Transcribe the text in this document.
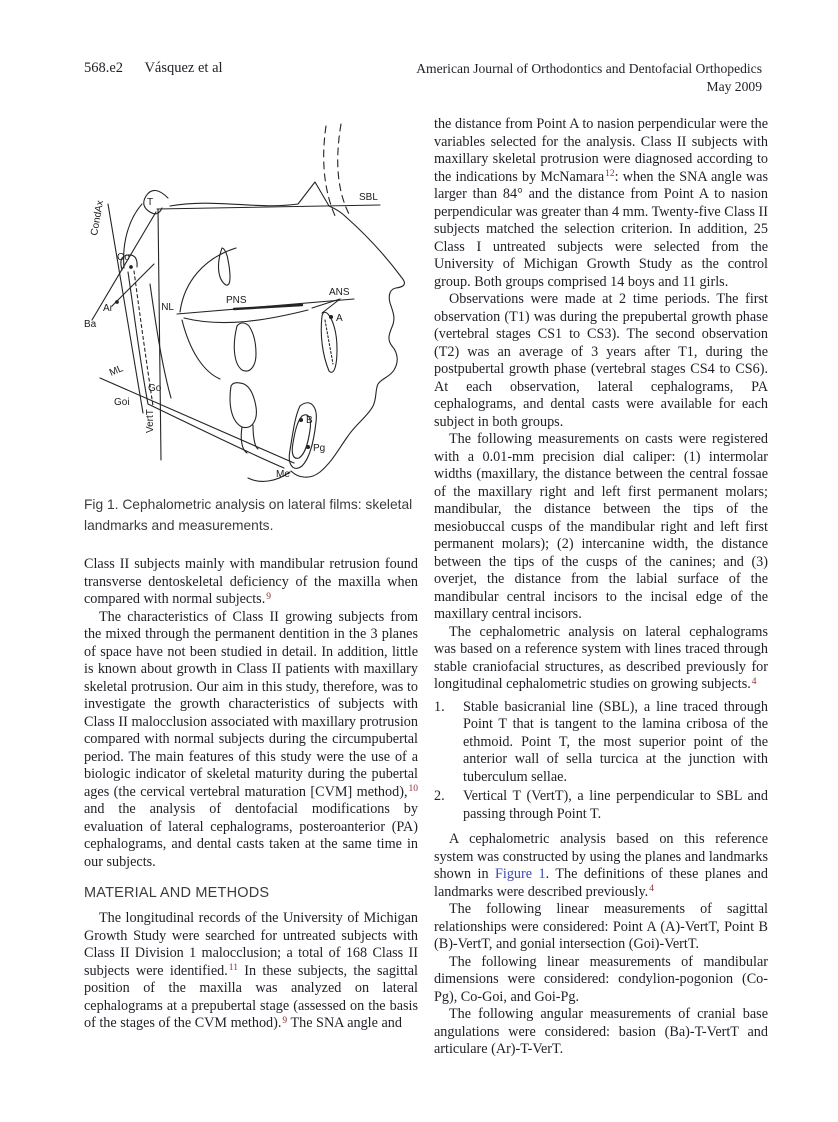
568.e2 Vásquez et al	American Journal of Orthodontics and Dentofacial Orthopedics
May 2009
SBL
T
CondAx
Co
Ar
Ba
NL
PNS
ANS
A
ML
Go
Goi
VertT
Me
B
Pg
Fig 1. Cephalometric analysis on lateral films: skeletal landmarks and measurements.

Class II subjects mainly with mandibular retrusion found transverse dentoskeletal deficiency of the maxilla when compared with normal subjects.$^9$

The characteristics of Class II growing subjects from the mixed through the permanent dentition in the 3 planes of space have not been studied in detail. In addition, little is known about growth in Class II patients with maxillary skeletal protrusion. Our aim in this study, therefore, was to investigate the growth characteristics of subjects with Class II malocclusion associated with maxillary protrusion compared with normal subjects during the circumpubertal period. The main features of this study were the use of a biologic indicator of skeletal maturity during the pubertal ages (the cervical vertebral maturation [CVM] method),$^{10}$ and the analysis of dentofacial modifications by evaluation of lateral cephalograms, posteroanterior (PA) cephalograms, and dental casts taken at the same time in our subjects.

MATERIAL AND METHODS

The longitudinal records of the University of Michigan Growth Study were searched for untreated subjects with Class II Division 1 malocclusion; a total of 168 Class II subjects were identified.$^{11}$ In these subjects, the sagittal position of the maxilla was analyzed on lateral cephalograms at a prepubertal stage (assessed on the basis of the stages of the CVM method).$^9$ The SNA angle and

the distance from Point A to nasion perpendicular were the variables selected for the analysis. Class II subjects with maxillary skeletal protrusion were diagnosed according to the indications by McNamara$^{12}$: when the SNA angle was larger than 84° and the distance from Point A to nasion perpendicular was greater than 4 mm. Twenty-five Class II subjects matched the selection criterion. In addition, 25 Class I untreated subjects were selected from the University of Michigan Growth Study as the control group. Both groups comprised 14 boys and 11 girls.

Observations were made at 2 time periods. The first observation (T1) was during the prepubertal growth phase (vertebral stages CS1 to CS3). The second observation (T2) was an average of 3 years after T1, during the postpubertal growth phase (vertebral stages CS4 to CS6). At each observation, lateral cephalograms, PA cephalograms, and dental casts were available for each subject in both groups.

The following measurements on casts were registered with a 0.01-mm precision dial caliper: (1) intermolar widths (maxillary, the distance between the central fossae of the maxillary right and left first permanent molars; mandibular, the distance between the tips of the mesiobuccal cusps of the mandibular right and left first permanent molars); (2) intercanine width, the distance between the tips of the cusps of the canines; and (3) overjet, the distance from the labial surface of the mandibular central incisors to the incisal edge of the maxillary central incisors.

The cephalometric analysis on lateral cephalograms was based on a reference system with lines traced through stable craniofacial structures, as described previously for longitudinal cephalometric studies on growing subjects.$^4$

1.	Stable basicranial line (SBL), a line traced through Point T that is tangent to the lamina cribosa of the ethmoid. Point T, the most superior point of the anterior wall of sella turcica at the junction with tuberculum sellae.
2.	Vertical T (VertT), a line perpendicular to SBL and passing through Point T.

A cephalometric analysis based on this reference system was constructed by using the planes and landmarks shown in Figure 1. The definitions of these planes and landmarks were described previously.$^4$

The following linear measurements of sagittal relationships were considered: Point A (A)-VertT, Point B (B)-VertT, and gonial intersection (Goi)-VertT.

The following linear measurements of mandibular dimensions were considered: condylion-pogonion (Co-Pg), Co-Goi, and Goi-Pg.

The following angular measurements of cranial base angulations were considered: basion (Ba)-T-VertT and articulare (Ar)-T-VerT.
